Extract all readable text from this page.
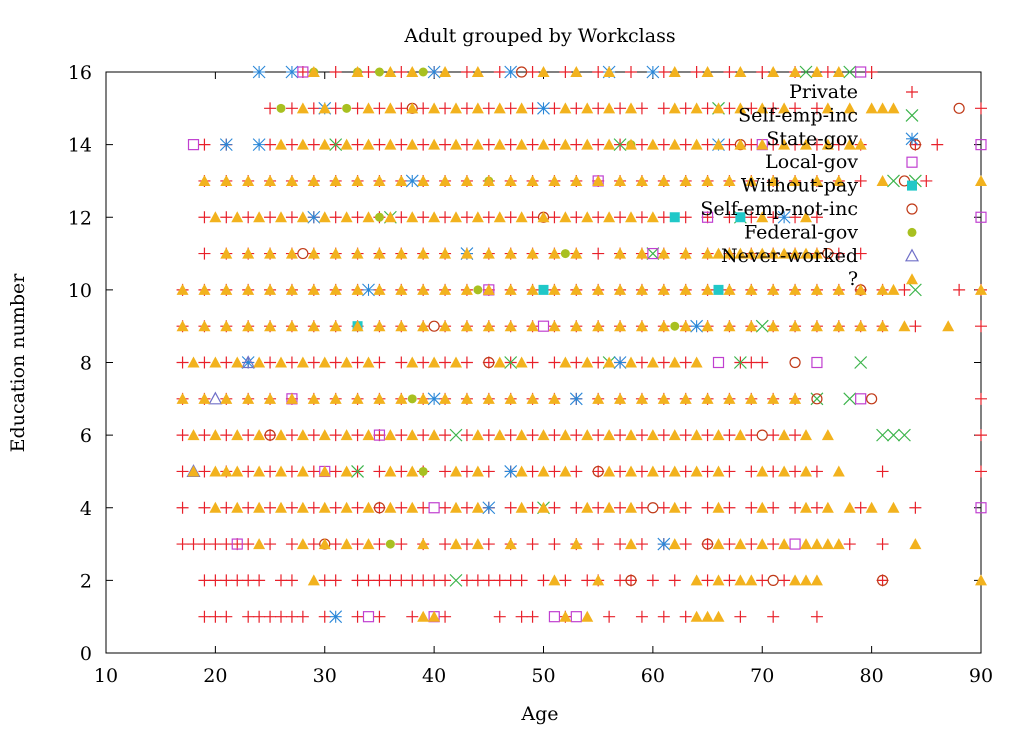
Adult grouped by Workclass
10	20	30	40	50	60	70	80	90
0
2
4
6
8
10
12
14
16
Age
Education number
Private
Self-emp-inc
State-gov
Local-gov
Without-pay
Self-emp-not-inc
Federal-gov
Never-worked
?
